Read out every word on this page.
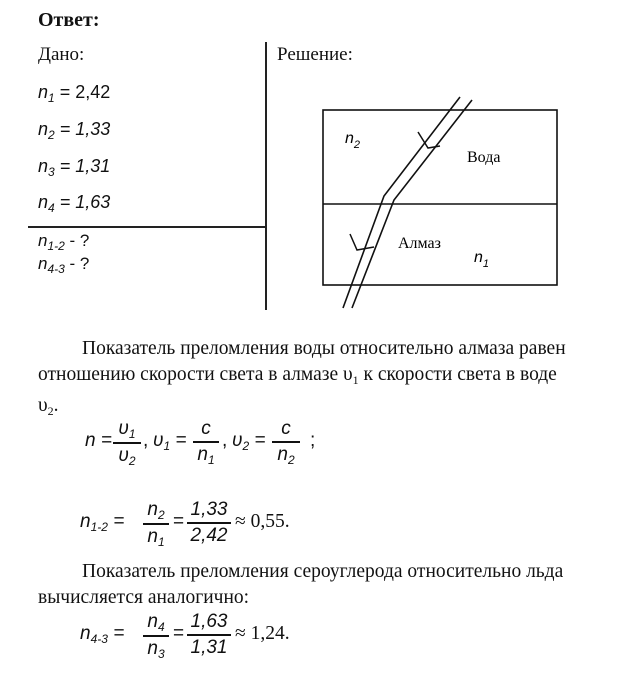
Ответ:
Дано:
$n_1 = 2,42$
$n_2 = 1,33$
$n_3 = 1,31$
$n_4 = 1,63$
$n_{1-2}$ - ?
$n_{4-3}$ - ?
Решение:
$n_2$
Вода
Алмаз
$n_1$
Показатель преломления воды относительно алмаза равен
отношению скорости света в алмазе $\upsilon_1$ к скорости света в воде
$\upsilon_2$.
n =
$\upsilon_1$
$\upsilon_2$
, $\upsilon_1$ =
c
$n_1$
, $\upsilon_2$ =
c
$n_2$
;
$n_{1-2}$ =
$n_2$
$n_1$
=
1,33
2,42
≈ 0,55.
Показатель преломления сероуглерода относительно льда
вычисляется аналогично:
$n_{4-3}$ =
$n_4$
$n_3$
=
1,63
1,31
≈ 1,24.
